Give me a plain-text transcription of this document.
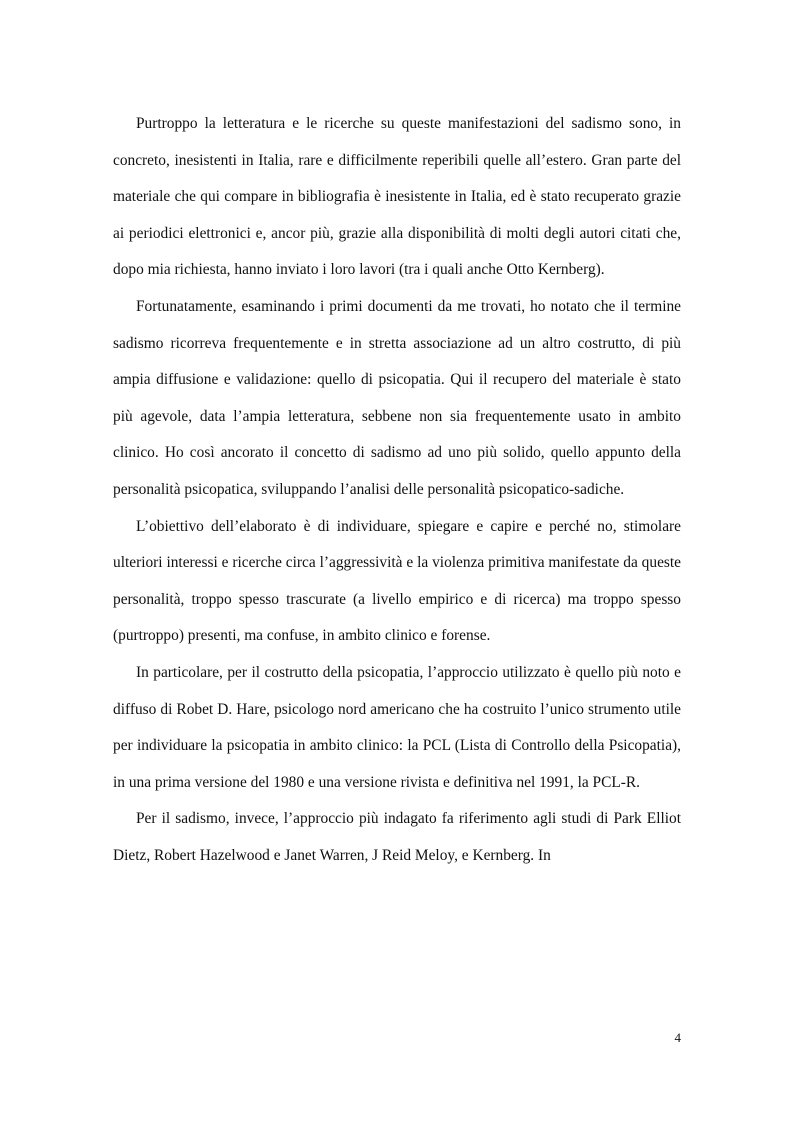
Purtroppo la letteratura e le ricerche su queste manifestazioni del sadismo sono, in concreto, inesistenti in Italia, rare e difficilmente reperibili quelle all’estero. Gran parte del materiale che qui compare in bibliografia è inesistente in Italia, ed è stato recuperato grazie ai periodici elettronici e, ancor più, grazie alla disponibilità di molti degli autori citati che, dopo mia richiesta, hanno inviato i loro lavori (tra i quali anche Otto Kernberg).

Fortunatamente, esaminando i primi documenti da me trovati, ho notato che il termine sadismo ricorreva frequentemente e in stretta associazione ad un altro costrutto, di più ampia diffusione e validazione: quello di psicopatia. Qui il recupero del materiale è stato più agevole, data l’ampia letteratura, sebbene non sia frequentemente usato in ambito clinico. Ho così ancorato il concetto di sadismo ad uno più solido, quello appunto della personalità psicopatica, sviluppando l’analisi delle personalità psicopatico-sadiche.

L’obiettivo dell’elaborato è di individuare, spiegare e capire e perché no, stimolare ulteriori interessi e ricerche circa l’aggressività e la violenza primitiva manifestate da queste personalità, troppo spesso trascurate (a livello empirico e di ricerca) ma troppo spesso (purtroppo) presenti, ma confuse, in ambito clinico e forense.

In particolare, per il costrutto della psicopatia, l’approccio utilizzato è quello più noto e diffuso di Robet D. Hare, psicologo nord americano che ha costruito l’unico strumento utile per individuare la psicopatia in ambito clinico: la PCL (Lista di Controllo della Psicopatia), in una prima versione del 1980 e una versione rivista e definitiva nel 1991, la PCL-R.

Per il sadismo, invece, l’approccio più indagato fa riferimento agli studi di Park Elliot Dietz, Robert Hazelwood e Janet Warren, J Reid Meloy, e Kernberg. In

4
